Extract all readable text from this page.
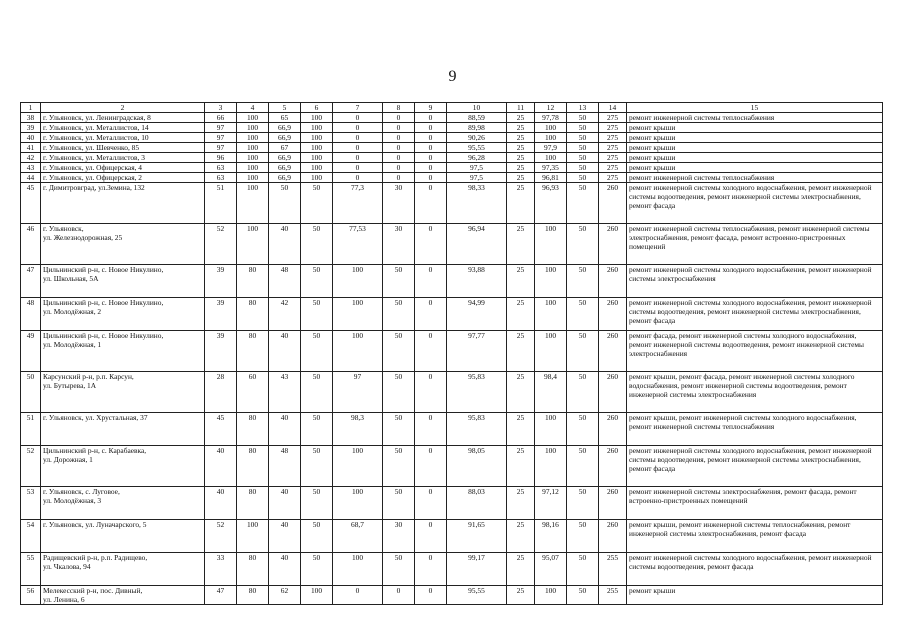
9
1	2	3	4	5	6	7	8	9	10	11	12	13	14	15
38	г. Ульяновск, ул. Ленинградская, 8	66	100	65	100	0	0	0	88,59	25	97,78	50	275	ремонт инженерной системы теплоснабжения
39	г. Ульяновск, ул. Металлистов, 14	97	100	66,9	100	0	0	0	89,98	25	100	50	275	ремонт крыши
40	г. Ульяновск, ул. Металлистов, 10	97	100	66,9	100	0	0	0	90,26	25	100	50	275	ремонт крыши
41	г. Ульяновск, ул. Шевченко, 85	97	100	67	100	0	0	0	95,55	25	97,9	50	275	ремонт крыши
42	г. Ульяновск, ул. Металлистов, 3	96	100	66,9	100	0	0	0	96,28	25	100	50	275	ремонт крыши
43	г. Ульяновск, ул. Офицерская, 4	63	100	66,9	100	0	0	0	97,5	25	97,35	50	275	ремонт крыши
44	г. Ульяновск, ул. Офицерская, 2	63	100	66,9	100	0	0	0	97,5	25	96,81	50	275	ремонт инженерной системы теплоснабжения
45	г. Димитровград, ул.Земина, 132	51	100	50	50	77,3	30	0	98,33	25	96,93	50	260	ремонт инженерной системы холодного водоснабжения, ремонт инженерной системы водоотведения, ремонт инженерной системы электроснабжения, ремонт фасада
46	г. Ульяновск,
ул. Железнодорожная, 25	52	100	40	50	77,53	30	0	96,94	25	100	50	260	ремонт инженерной системы теплоснабжения, ремонт инженерной системы электроснабжения, ремонт фасада, ремонт встроенно-пристроенных помещений
47	Цильнинский р-н, с. Новое Никулино,
ул. Школьная, 5А	39	80	48	50	100	50	0	93,88	25	100	50	260	ремонт инженерной системы холодного водоснабжения, ремонт инженерной системы электроснабжения
48	Цильнинский р-н, с. Новое Никулино,
ул. Молодёжная, 2	39	80	42	50	100	50	0	94,99	25	100	50	260	ремонт инженерной системы холодного водоснабжения, ремонт инженерной системы водоотведения, ремонт инженерной системы электроснабжения, ремонт фасада
49	Цильнинский р-н, с. Новое Никулино,
ул. Молодёжная, 1	39	80	40	50	100	50	0	97,77	25	100	50	260	ремонт фасада, ремонт инженерной системы холодного водоснабжения, ремонт инженерной системы водоотведения, ремонт инженерной системы электроснабжения
50	Карсунский р-н, р.п. Карсун,
ул. Бутырева, 1А	28	60	43	50	97	50	0	95,83	25	98,4	50	260	ремонт крыши, ремонт фасада, ремонт инженерной системы холодного водоснабжения, ремонт инженерной системы водоотведения, ремонт инженерной системы электроснабжения
51	г. Ульяновск, ул. Хрустальная, 37	45	80	40	50	98,3	50	0	95,83	25	100	50	260	ремонт крыши, ремонт инженерной системы холодного водоснабжения, ремонт инженерной системы теплоснабжения
52	Цильнинский р-н, с. Карабаевка,
ул. Дорожная, 1	40	80	48	50	100	50	0	98,05	25	100	50	260	ремонт инженерной системы холодного водоснабжения, ремонт инженерной системы водоотведения, ремонт инженерной системы электроснабжения, ремонт фасада
53	г. Ульяновск, с. Луговое,
ул. Молодёжная, 3	40	80	40	50	100	50	0	88,03	25	97,12	50	260	ремонт инженерной системы электроснабжения, ремонт фасада, ремонт встроенно-пристроенных помещений
54	г. Ульяновск, ул. Луначарского, 5	52	100	40	50	68,7	30	0	91,65	25	98,16	50	260	ремонт крыши, ремонт инженерной системы теплоснабжения, ремонт инженерной системы электроснабжения, ремонт фасада
55	Радищевский р-н, р.п. Радищево,
ул. Чкалова, 94	33	80	40	50	100	50	0	99,17	25	95,07	50	255	ремонт инженерной системы холодного водоснабжения, ремонт инженерной системы водоотведения, ремонт фасада
56	Мелекесский р-н, пос. Дивный,
ул. Ленина, 6	47	80	62	100	0	0	0	95,55	25	100	50	255	ремонт крыши
